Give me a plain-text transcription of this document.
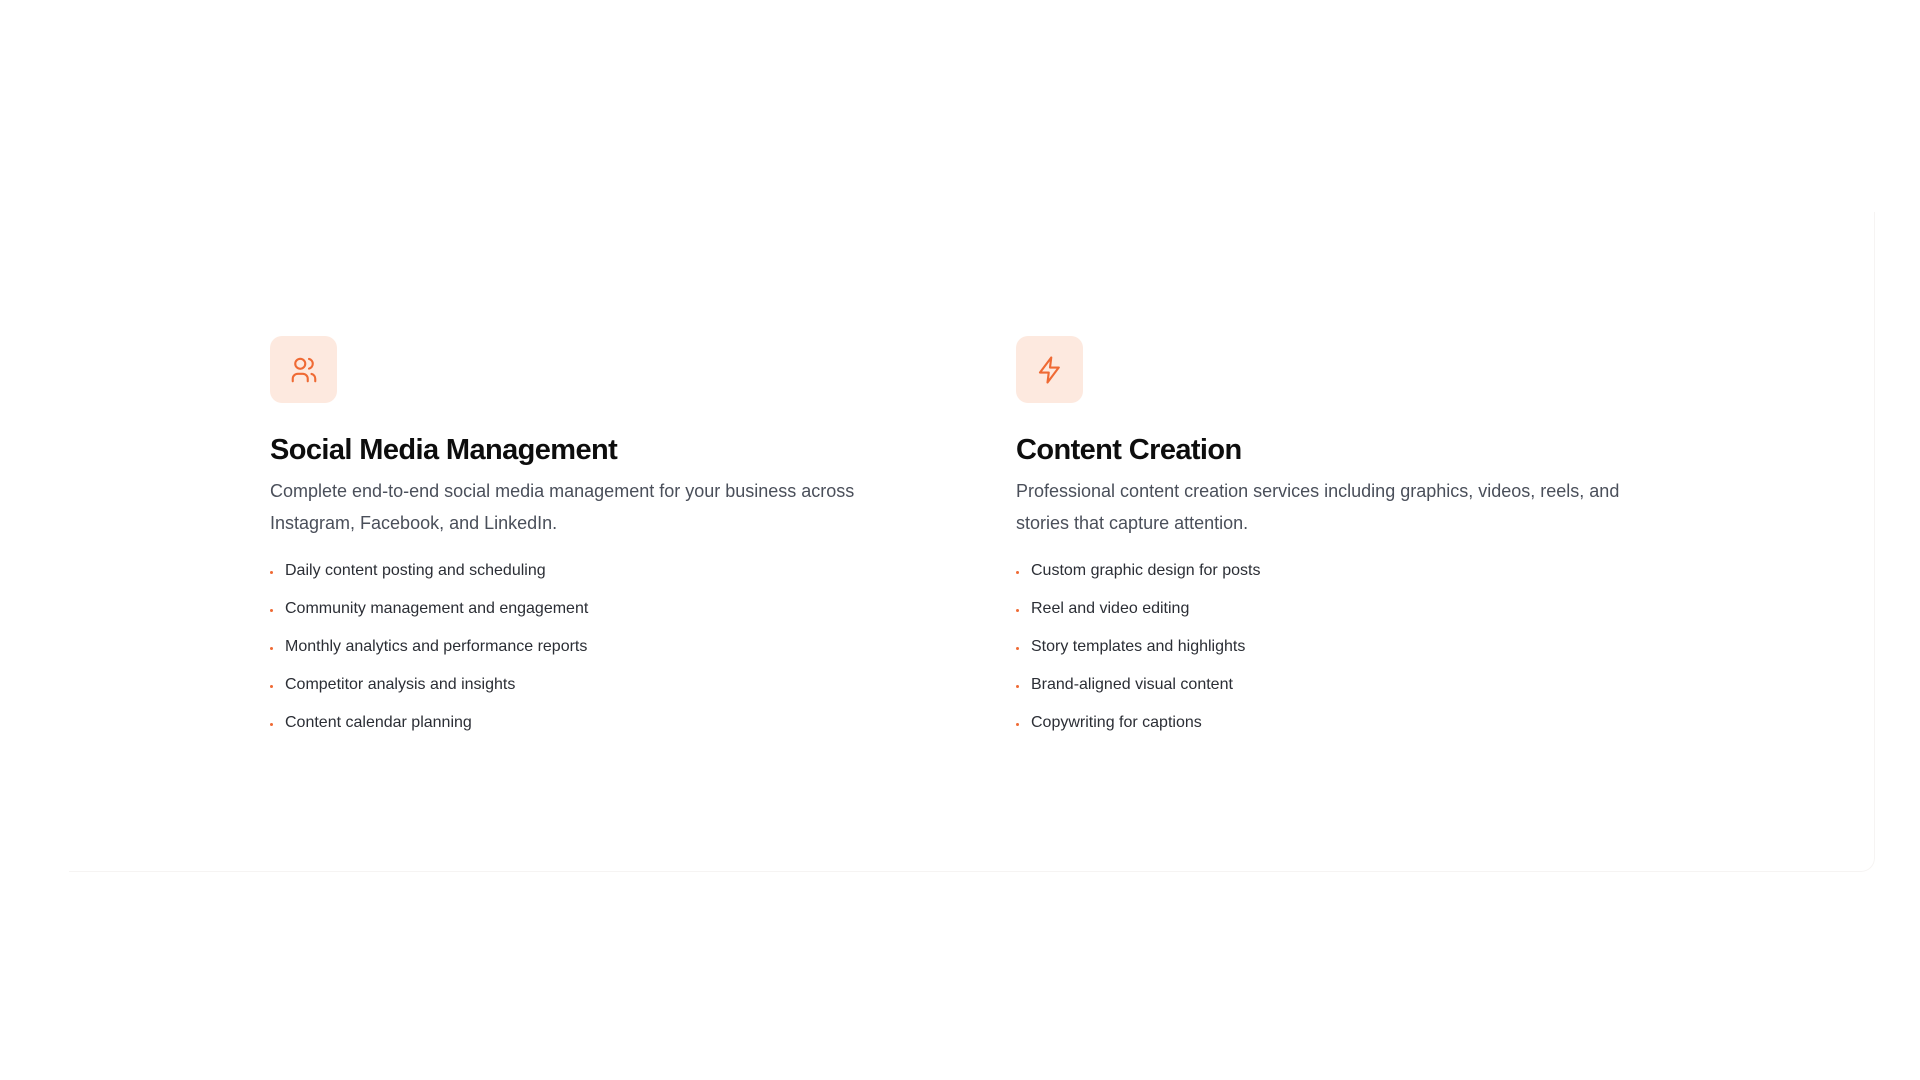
Social Media Management

Complete end-to-end social media management for your business across Instagram, Facebook, and LinkedIn.

Daily content posting and scheduling
Community management and engagement
Monthly analytics and performance reports
Competitor analysis and insights
Content calendar planning
Content Creation

Professional content creation services including graphics, videos, reels, and stories that capture attention.

Custom graphic design for posts
Reel and video editing
Story templates and highlights
Brand-aligned visual content
Copywriting for captions
